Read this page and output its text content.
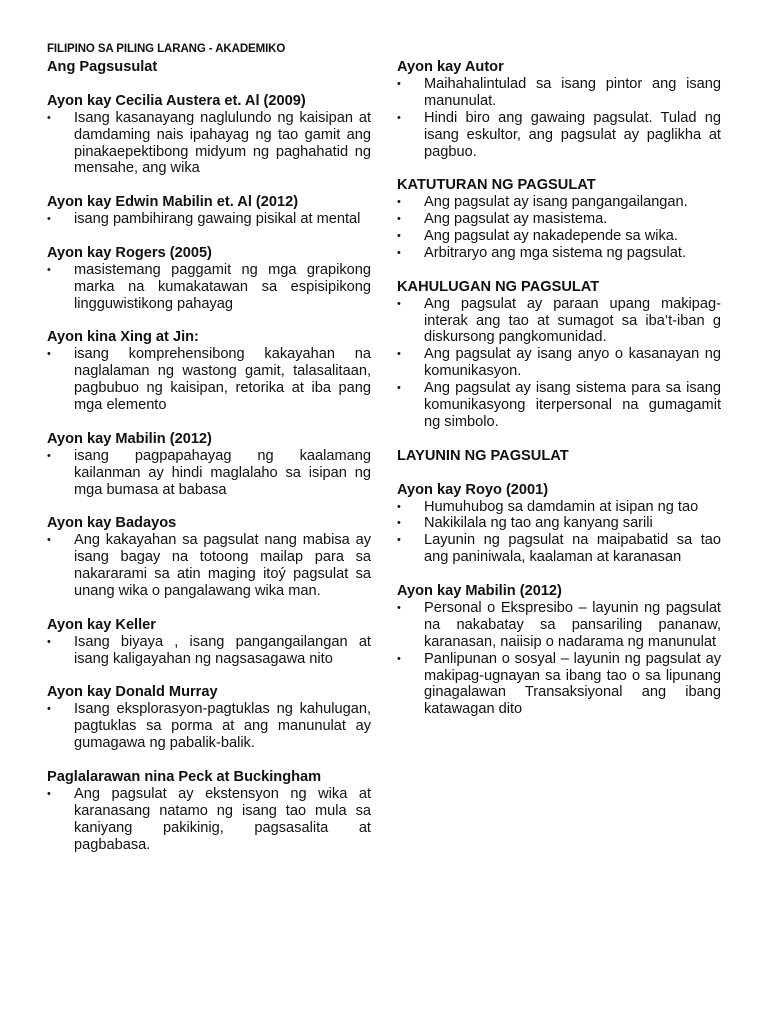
FILIPINO SA PILING LARANG - AKADEMIKO
Ang Pagsusulat
Ayon kay Cecilia Austera et. Al (2009)
•	Isang kasanayang naglulundo ng kaisipan at damdaming nais ipahayag ng tao gamit ang pinakaepektibong midyum ng paghahatid ng mensahe, ang wika
Ayon kay Edwin Mabilin et. Al (2012)
•	isang pambihirang gawaing pisikal at mental
Ayon kay Rogers (2005)
•	masistemang paggamit ng mga grapikong marka na kumakatawan sa espisipikong lingguwistikong pahayag
Ayon kina Xing at Jin:
•	isang komprehensibong kakayahan na naglalaman ng wastong gamit, talasalitaan, pagbubuo ng kaisipan, retorika at iba pang mga elemento
Ayon kay Mabilin (2012)
•	isang pagpapahayag ng kaalamang kailanman ay hindi maglalaho sa isipan ng mga bumasa at babasa
Ayon kay Badayos
•	Ang kakayahan sa pagsulat nang mabisa ay isang bagay na totoong mailap para sa nakararami sa atin maging itoý pagsulat sa unang wika o pangalawang wika man.
Ayon kay Keller
•	Isang biyaya , isang pangangailangan at isang kaligayahan ng nagsasagawa nito
Ayon kay Donald Murray
•	Isang eksplorasyon-pagtuklas ng kahulugan, pagtuklas sa porma at ang manunulat ay gumagawa ng pabalik-balik.
Paglalarawan nina Peck at Buckingham
•	Ang pagsulat ay ekstensyon ng wika at karanasang natamo ng isang tao mula sa kaniyang pakikinig, pagsasalita at pagbabasa.
Ayon kay Autor
•	Maihahalintulad sa isang pintor ang isang manunulat.
•	Hindi biro ang gawaing pagsulat. Tulad ng isang eskultor, ang pagsulat ay paglikha at pagbuo.
KATUTURAN NG PAGSULAT
•	Ang pagsulat ay isang pangangailangan.
•	Ang pagsulat ay masistema.
•	Ang pagsulat ay nakadepende sa wika.
•	Arbitraryo ang mga sistema ng pagsulat.
KAHULUGAN NG PAGSULAT
•	Ang pagsulat ay paraan upang makipag-interak ang tao at sumagot sa iba’t-iban g diskursong pangkomunidad.
•	Ang pagsulat ay isang anyo o kasanayan ng komunikasyon.
•	Ang pagsulat ay isang sistema para sa isang komunikasyong iterpersonal na gumagamit ng simbolo.
LAYUNIN NG PAGSULAT
Ayon kay Royo (2001)
•	Humuhubog sa damdamin at isipan ng tao
•	Nakikilala ng tao ang kanyang sarili
•	Layunin ng pagsulat na maipabatid sa tao ang paniniwala, kaalaman at karanasan
Ayon kay Mabilin (2012)
•	Personal o Ekspresibo – layunin ng pagsulat na nakabatay sa pansariling pananaw, karanasan, naiisip o nadarama ng manunulat
•	Panlipunan o sosyal – layunin ng pagsulat ay makipag-ugnayan sa ibang tao o sa lipunang ginagalawan Transaksiyonal ang ibang katawagan dito
